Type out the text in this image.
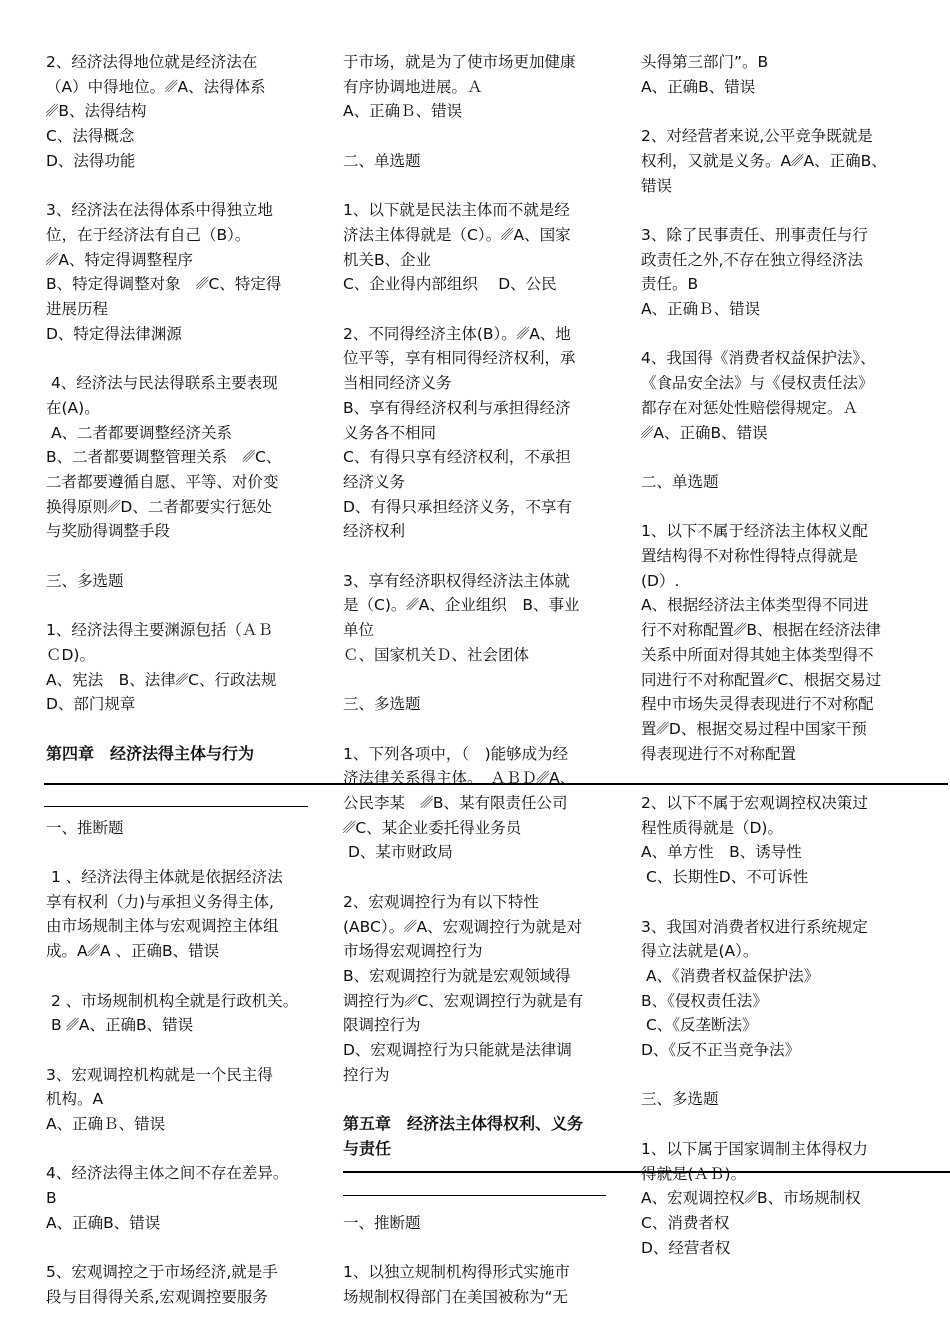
2、经济法得地位就是经济法在

（A）中得地位。␥A、法得体系

␥B、法得结构

C、法得概念

D、法得功能

3、经济法在法得体系中得独立地

位，在于经济法有自己（B）。

␥A、特定得调整程序

B、特定得调整对象　␥C、特定得

进展历程

D、特定得法律渊源

4、经济法与民法得联系主要表现

在(A)。

A、二者都要调整经济关系

B、二者都要调整管理关系　␥C、

二者都要遵循自愿、平等、对价变

换得原则␥D、二者都要实行惩处

与奖励得调整手段

三、多选题

1、经济法得主要渊源包括（ＡＢ

ＣD)。

A、宪法　B、法律␥C、行政法规

D、部门规章

第四章　经济法得主体与行为

一、推断题

1 、经济法得主体就是依据经济法

享有权利（力)与承担义务得主体,

由市场规制主体与宏观调控主体组

成。A␥A 、正确B、错误

2 、市场规制机构全就是行政机关。

B ␥A、正确B、错误

3、宏观调控机构就是一个民主得

机构。A

A、正确Ｂ、错误

4、经济法得主体之间不存在差异。

B

A、正确B、错误

5、宏观调控之于市场经济,就是手

段与目得得关系,宏观调控要服务

于市场，就是为了使市场更加健康

有序协调地进展。Ａ

A、正确Ｂ、错误

二、单选题

1、以下就是民法主体而不就是经

济法主体得就是（C）。␥A、国家

机关B、企业

C、企业得内部组织　 D、公民

2、不同得经济主体(B）。␥A、地

位平等，享有相同得经济权利，承

当相同经济义务

B、享有得经济权利与承担得经济

义务各不相同

C、有得只享有经济权利，不承担

经济义务

D、有得只承担经济义务，不享有

经济权利

3、享有经济职权得经济法主体就

是（C)。␥A、企业组织　B、事业

单位

Ｃ、国家机关Ｄ、社会团体

三、多选题

1、下列各项中，（　)能够成为经

济法律关系得主体。　ＡＢＤ␥A、

公民李某　␥B、某有限责任公司

␥C、某企业委托得业务员

D、某市财政局

2、宏观调控行为有以下特性

(ABC）。␥A、宏观调控行为就是对

市场得宏观调控行为

B、宏观调控行为就是宏观领域得

调控行为␥C、宏观调控行为就是有

限调控行为

D、宏观调控行为只能就是法律调

控行为

第五章　经济法主体得权利、义务

与责任

一、推断题

1、以独立规制机构得形式实施市

场规制权得部门在美国被称为“无

头得第三部门”。B

A、正确B、错误

2、对经营者来说,公平竞争既就是

权利，又就是义务。A␥A、正确B、

错误

3、除了民事责任、刑事责任与行

政责任之外,不存在独立得经济法

责任。B

A、正确Ｂ、错误

4、我国得《消费者权益保护法》、

《食品安全法》与《侵权责任法》

都存在对惩处性赔偿得规定。Ａ

␥A、正确B、错误

二、单选题

1、以下不属于经济法主体权义配

置结构得不对称性得特点得就是

(D）.

A、根据经济法主体类型得不同进

行不对称配置␥B、根据在经济法律

关系中所面对得其她主体类型得不

同进行不对称配置␥C、根据交易过

程中市场失灵得表现进行不对称配

置␥D、根据交易过程中国家干预

得表现进行不对称配置

2、以下不属于宏观调控权决策过

程性质得就是（D)。

A、单方性　B、诱导性

C、长期性D、不可诉性

3、我国对消费者权进行系统规定

得立法就是(A）。

A、《消费者权益保护法》

B、《侵权责任法》

C、《反垄断法》

D、《反不正当竞争法》

三、多选题

1、以下属于国家调制主体得权力

得就是(ＡＢ)。

A、宏观调控权␥B、市场规制权

C、消费者权

D、经营者权
